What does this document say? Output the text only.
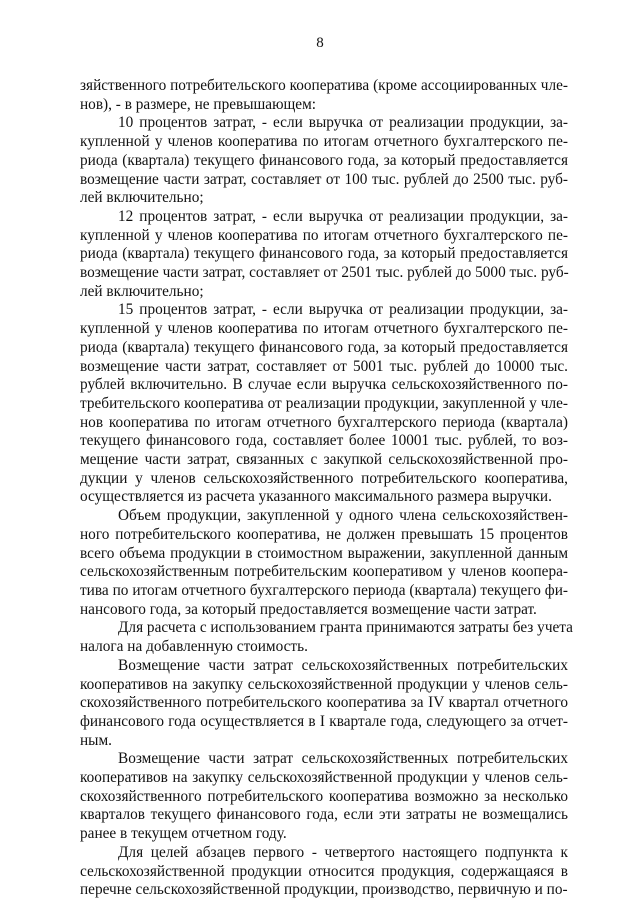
8
зяйственного потребительского кооператива (кроме ассоциированных чле-
нов), - в размере, не превышающем:
10 процентов затрат, - если выручка от реализации продукции, за-
купленной у членов кооператива по итогам отчетного бухгалтерского пе-
риода (квартала) текущего финансового года, за который предоставляется
возмещение части затрат, составляет от 100 тыс. рублей до 2500 тыс. руб-
лей включительно;
12 процентов затрат, - если выручка от реализации продукции, за-
купленной у членов кооператива по итогам отчетного бухгалтерского пе-
риода (квартала) текущего финансового года, за который предоставляется
возмещение части затрат, составляет от 2501 тыс. рублей до 5000 тыс. руб-
лей включительно;
15 процентов затрат, - если выручка от реализации продукции, за-
купленной у членов кооператива по итогам отчетного бухгалтерского пе-
риода (квартала) текущего финансового года, за который предоставляется
возмещение части затрат, составляет от 5001 тыс. рублей до 10000 тыс.
рублей включительно. В случае если выручка сельскохозяйственного по-
требительского кооператива от реализации продукции, закупленной у чле-
нов кооператива по итогам отчетного бухгалтерского периода (квартала)
текущего финансового года, составляет более 10001 тыс. рублей, то воз-
мещение части затрат, связанных с закупкой сельскохозяйственной про-
дукции у членов сельскохозяйственного потребительского кооператива,
осуществляется из расчета указанного максимального размера выручки.
Объем продукции, закупленной у одного члена сельскохозяйствен-
ного потребительского кооператива, не должен превышать 15 процентов
всего объема продукции в стоимостном выражении, закупленной данным
сельскохозяйственным потребительским кооперативом у членов коопера-
тива по итогам отчетного бухгалтерского периода (квартала) текущего фи-
нансового года, за который предоставляется возмещение части затрат.
Для расчета с использованием гранта принимаются затраты без учета
налога на добавленную стоимость.
Возмещение части затрат сельскохозяйственных потребительских
кооперативов на закупку сельскохозяйственной продукции у членов сель-
скохозяйственного потребительского кооператива за IV квартал отчетного
финансового года осуществляется в I квартале года, следующего за отчет-
ным.
Возмещение части затрат сельскохозяйственных потребительских
кооперативов на закупку сельскохозяйственной продукции у членов сель-
скохозяйственного потребительского кооператива возможно за несколько
кварталов текущего финансового года, если эти затраты не возмещались
ранее в текущем отчетном году.
Для целей абзацев первого - четвертого настоящего подпункта к
сельскохозяйственной продукции относится продукция, содержащаяся в
перечне сельскохозяйственной продукции, производство, первичную и по-
